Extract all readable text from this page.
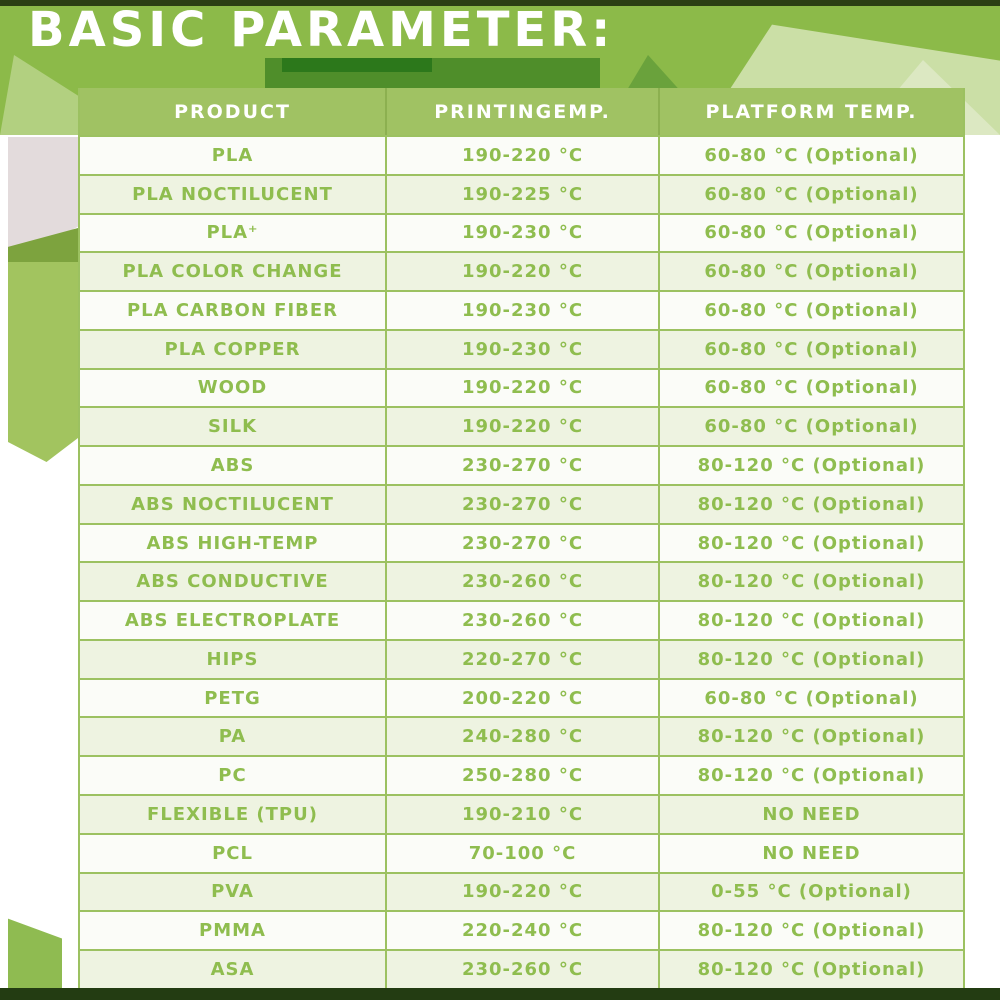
BASIC PARAMETER:
PRODUCT	PRINTINGEMP.	PLATFORM TEMP.
PLA	190-220 °C	60-80 °C (Optional)
PLA NOCTILUCENT	190-225 °C	60-80 °C (Optional)
PLA⁺	190-230 °C	60-80 °C (Optional)
PLA COLOR CHANGE	190-220 °C	60-80 °C (Optional)
PLA CARBON FIBER	190-230 °C	60-80 °C (Optional)
PLA COPPER	190-230 °C	60-80 °C (Optional)
WOOD	190-220 °C	60-80 °C (Optional)
SILK	190-220 °C	60-80 °C (Optional)
ABS	230-270 °C	80-120 °C (Optional)
ABS NOCTILUCENT	230-270 °C	80-120 °C (Optional)
ABS HIGH-TEMP	230-270 °C	80-120 °C (Optional)
ABS CONDUCTIVE	230-260 °C	80-120 °C (Optional)
ABS ELECTROPLATE	230-260 °C	80-120 °C (Optional)
HIPS	220-270 °C	80-120 °C (Optional)
PETG	200-220 °C	60-80 °C (Optional)
PA	240-280 °C	80-120 °C (Optional)
PC	250-280 °C	80-120 °C (Optional)
FLEXIBLE (TPU)	190-210 °C	NO NEED
PCL	70-100 °C	NO NEED
PVA	190-220 °C	0-55 °C (Optional)
PMMA	220-240 °C	80-120 °C (Optional)
ASA	230-260 °C	80-120 °C (Optional)
